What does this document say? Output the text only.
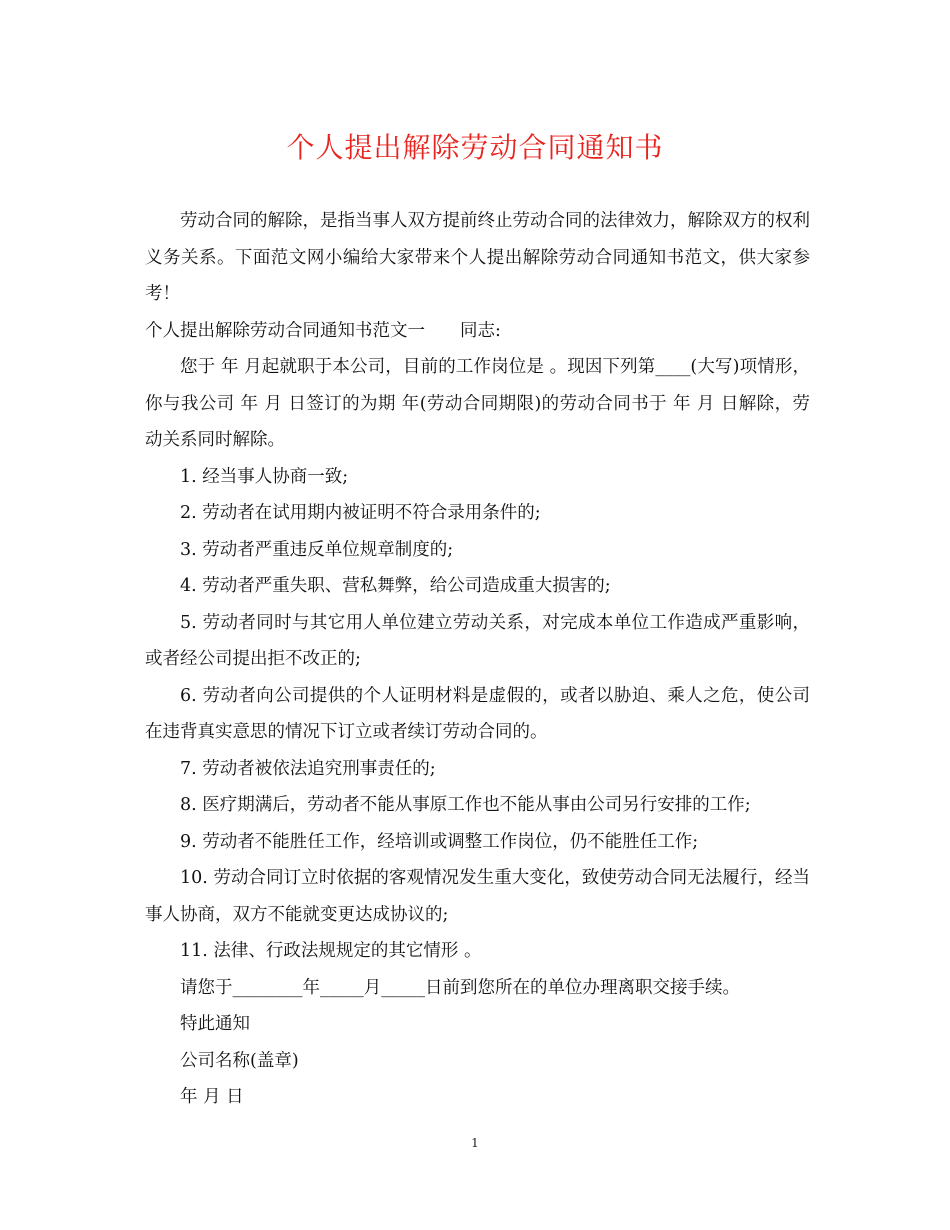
个人提出解除劳动合同通知书

劳动合同的解除，是指当事人双方提前终止劳动合同的法律效力，解除双方的权利义务关系。下面范文网小编给大家带来个人提出解除劳动合同通知书范文，供大家参考！

个人提出解除劳动合同通知书范文一　　同志:

您于 年 月起就职于本公司，目前的工作岗位是 。现因下列第____(大写)项情形，你与我公司 年 月 日签订的为期 年(劳动合同期限)的劳动合同书于 年 月 日解除，劳动关系同时解除。

1. 经当事人协商一致;

2. 劳动者在试用期内被证明不符合录用条件的;

3. 劳动者严重违反单位规章制度的;

4. 劳动者严重失职、营私舞弊，给公司造成重大损害的;

5. 劳动者同时与其它用人单位建立劳动关系，对完成本单位工作造成严重影响，或者经公司提出拒不改正的;

6. 劳动者向公司提供的个人证明材料是虚假的，或者以胁迫、乘人之危，使公司在违背真实意思的情况下订立或者续订劳动合同的。

7. 劳动者被依法追究刑事责任的;

8. 医疗期满后，劳动者不能从事原工作也不能从事由公司另行安排的工作;

9. 劳动者不能胜任工作，经培训或调整工作岗位，仍不能胜任工作;

10. 劳动合同订立时依据的客观情况发生重大变化，致使劳动合同无法履行，经当事人协商，双方不能就变更达成协议的;

11. 法律、行政法规规定的其它情形 。

请您于________年_____月_____日前到您所在的单位办理离职交接手续。

特此通知

公司名称(盖章)

年 月 日

1
